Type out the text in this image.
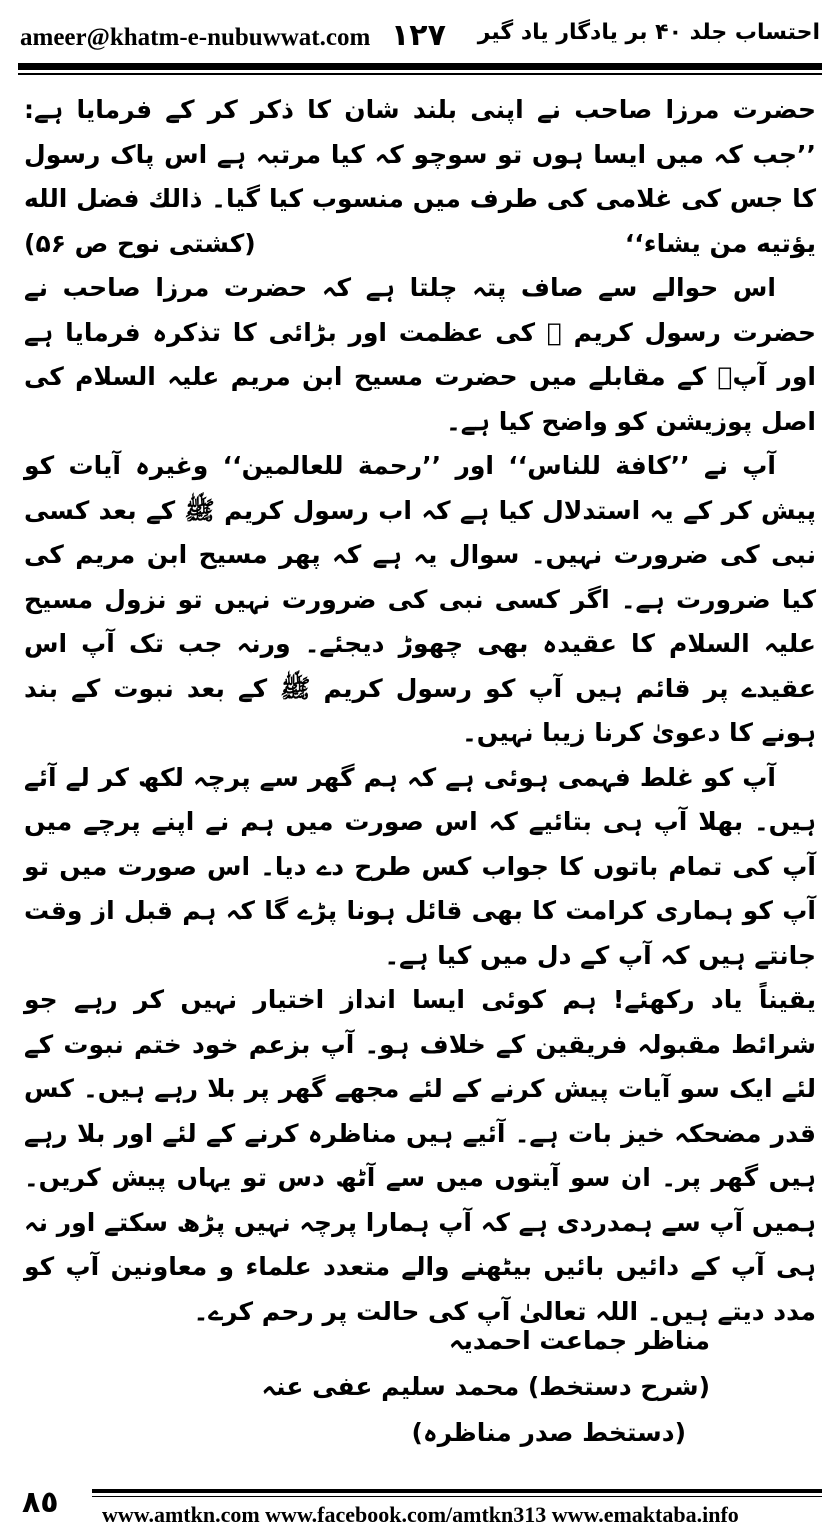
ameer@khatm-e-nubuwwat.com ١٢٧ احتساب جلد ۴۰ بر یادگار یاد گیر

حضرت مرزا صاحب نے اپنی بلند شان کا ذکر کر کے فرمایا ہے: ’’جب کہ میں ایسا ہوں تو سوچو کہ کیا مرتبہ ہے اس پاک رسول کا جس کی غلامی کی طرف میں منسوب کیا گیا۔ ذالك فضل الله يؤتيه من يشاء‘‘
(کشتی نوح ص ۵۶)

اس حوالے سے صاف پتہ چلتا ہے کہ حضرت مرزا صاحب نے حضرت رسول کریم ﷺ کی عظمت اور بڑائی کا تذکرہ فرمایا ہے اور آپؐ کے مقابلے میں حضرت مسیح ابن مریم علیہ السلام کی اصل پوزیشن کو واضح کیا ہے۔

آپ نے ’’كافة للناس‘‘ اور ’’رحمة للعالمين‘‘ وغیرہ آیات کو پیش کر کے یہ استدلال کیا ہے کہ اب رسول کریم ﷺ کے بعد کسی نبی کی ضرورت نہیں۔ سوال یہ ہے کہ پھر مسیح ابن مریم کی کیا ضرورت ہے۔ اگر کسی نبی کی ضرورت نہیں تو نزول مسیح علیہ السلام کا عقیدہ بھی چھوڑ دیجئے۔ ورنہ جب تک آپ اس عقیدے پر قائم ہیں آپ کو رسول کریم ﷺ کے بعد نبوت کے بند ہونے کا دعویٰ کرنا زیبا نہیں۔

آپ کو غلط فہمی ہوئی ہے کہ ہم گھر سے پرچہ لکھ کر لے آئے ہیں۔ بھلا آپ ہی بتائیے کہ اس صورت میں ہم نے اپنے پرچے میں آپ کی تمام باتوں کا جواب کس طرح دے دیا۔ اس صورت میں تو آپ کو ہماری کرامت کا بھی قائل ہونا پڑے گا کہ ہم قبل از وقت جانتے ہیں کہ آپ کے دل میں کیا ہے۔

یقیناً یاد رکھئے! ہم کوئی ایسا انداز اختیار نہیں کر رہے جو شرائط مقبولہ فریقین کے خلاف ہو۔ آپ بزعم خود ختم نبوت کے لئے ایک سو آیات پیش کرنے کے لئے مجھے گھر پر بلا رہے ہیں۔ کس قدر مضحکہ خیز بات ہے۔ آئیے ہیں مناظرہ کرنے کے لئے اور بلا رہے ہیں گھر پر۔ ان سو آیتوں میں سے آٹھ دس تو یہاں پیش کریں۔ ہمیں آپ سے ہمدردی ہے کہ آپ ہمارا پرچہ نہیں پڑھ سکتے اور نہ ہی آپ کے دائیں بائیں بیٹھنے والے متعدد علماء و معاونین آپ کو مدد دیتے ہیں۔ اللہ تعالیٰ آپ کی حالت پر رحم کرے۔

مناظر جماعت احمدیہ
(شرح دستخط) محمد سلیم عفی عنہ
(دستخط صدر مناظرہ)
٨٥ www.amtkn.com www.facebook.com/amtkn313 www.emaktaba.info
